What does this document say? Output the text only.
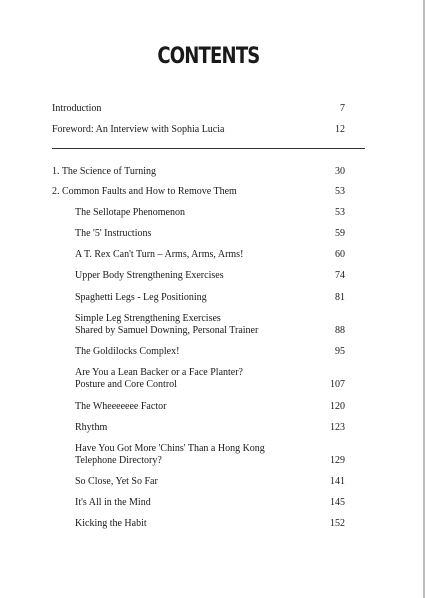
CONTENTS
Introduction	7
Foreword: An Interview with Sophia Lucia	12
1. The Science of Turning	30
2. Common Faults and How to Remove Them	53
The Sellotape Phenomenon	53
The '5' Instructions	59
A T. Rex Can't Turn – Arms, Arms, Arms!	60
Upper Body Strengthening Exercises	74
Spaghetti Legs - Leg Positioning	81
Simple Leg Strengthening Exercises
Shared by Samuel Downing, Personal Trainer	88
The Goldilocks Complex!	95
Are You a Lean Backer or a Face Planter?
Posture and Core Control	107
The Wheeeeeee Factor	120
Rhythm	123
Have You Got More 'Chins' Than a Hong Kong
Telephone Directory?	129
So Close, Yet So Far	141
It's All in the Mind	145
Kicking the Habit	152
